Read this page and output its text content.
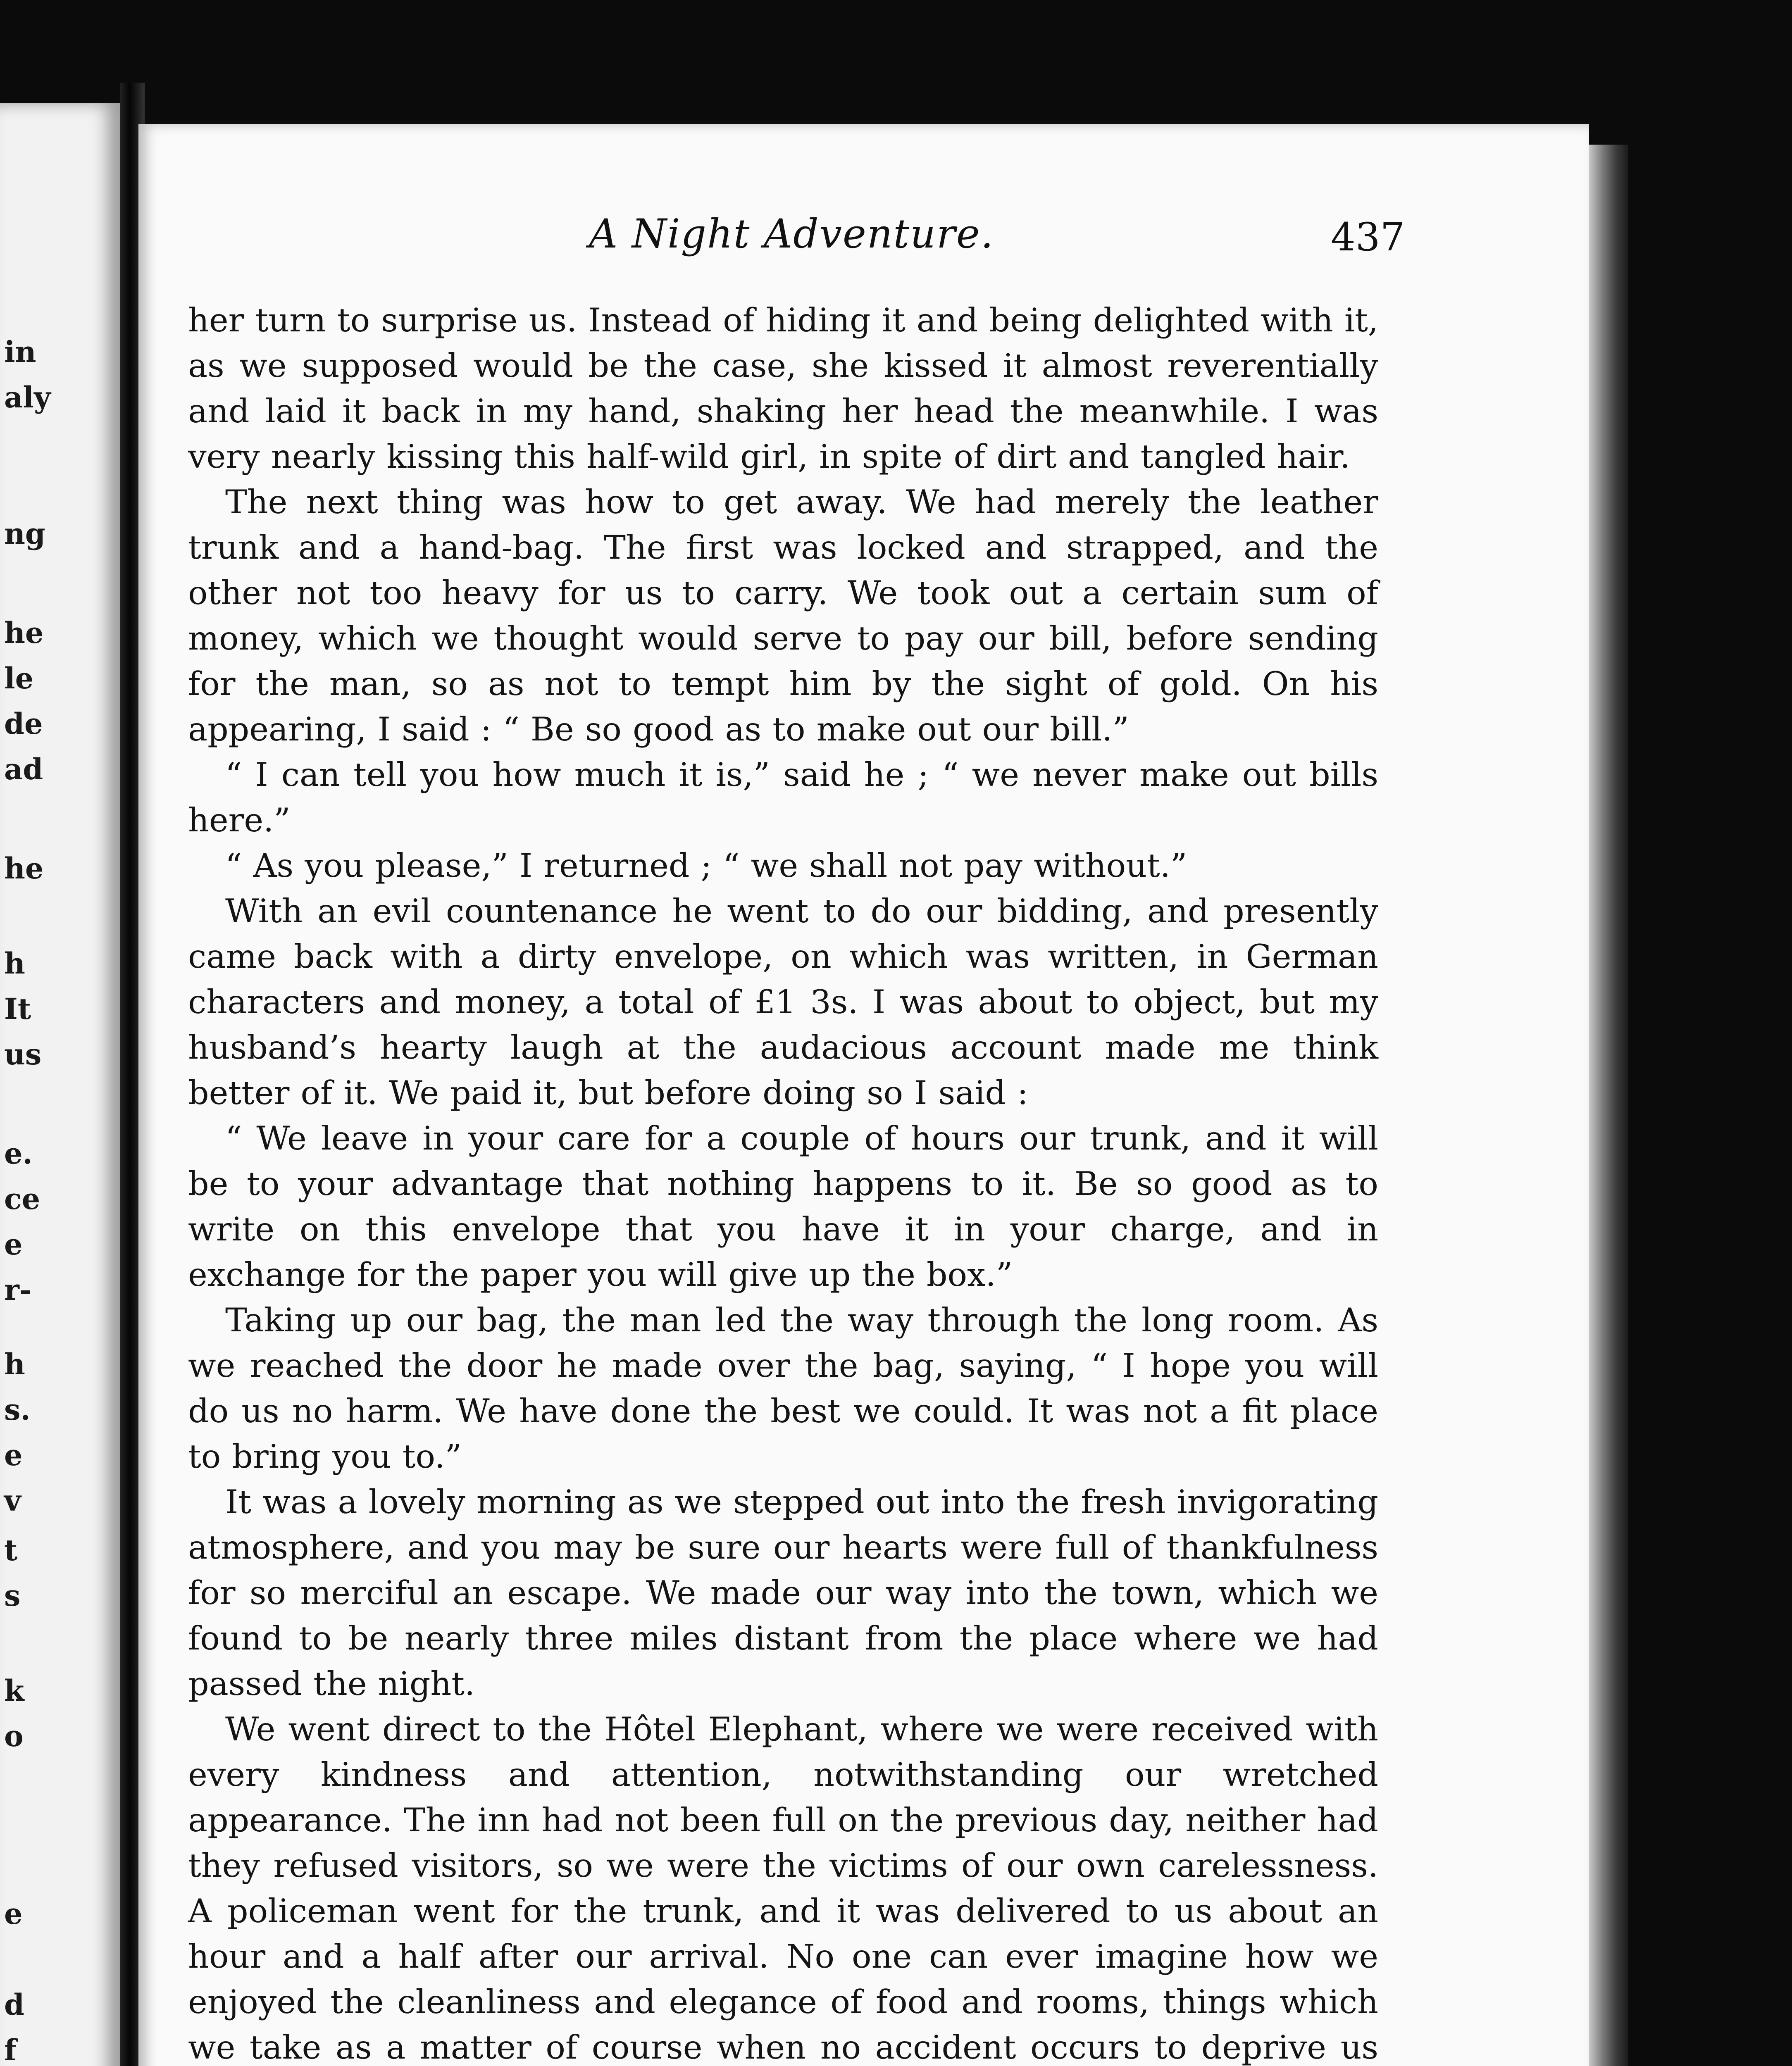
in
aly
ng
he
le
de
ad
he
h
It
us
e.
ce
e
r-
h
s.
e
v
t
s
k
o
e
d
f
A Night Adventure.	437

her turn to surprise us. Instead of hiding it and being delighted with it, as we supposed would be the case, she kissed it almost reverentially and laid it back in my hand, shaking her head the meanwhile. I was very nearly kissing this half-wild girl, in spite of dirt and tangled hair.

The next thing was how to get away. We had merely the leather trunk and a hand-bag. The first was locked and strapped, and the other not too heavy for us to carry. We took out a certain sum of money, which we thought would serve to pay our bill, before sending for the man, so as not to tempt him by the sight of gold. On his appearing, I said : “ Be so good as to make out our bill.”

“ I can tell you how much it is,” said he ; “ we never make out bills here.”

“ As you please,” I returned ; “ we shall not pay without.”

With an evil countenance he went to do our bidding, and presently came back with a dirty envelope, on which was written, in German characters and money, a total of £1 3s. I was about to object, but my husband’s hearty laugh at the audacious account made me think better of it. We paid it, but before doing so I said :

“ We leave in your care for a couple of hours our trunk, and it will be to your advantage that nothing happens to it. Be so good as to write on this envelope that you have it in your charge, and in exchange for the paper you will give up the box.”

Taking up our bag, the man led the way through the long room. As we reached the door he made over the bag, saying, “ I hope you will do us no harm. We have done the best we could. It was not a fit place to bring you to.”

It was a lovely morning as we stepped out into the fresh invigorating atmosphere, and you may be sure our hearts were full of thankfulness for so merciful an escape. We made our way into the town, which we found to be nearly three miles distant from the place where we had passed the night.

We went direct to the Hôtel Elephant, where we were received with every kindness and attention, notwithstanding our wretched appearance. The inn had not been full on the previous day, neither had they refused visitors, so we were the victims of our own carelessness. A policeman went for the trunk, and it was delivered to us about an hour and a half after our arrival. No one can ever imagine how we enjoyed the cleanliness and elegance of food and rooms, things which we take as a matter of course when no accident occurs to deprive us
